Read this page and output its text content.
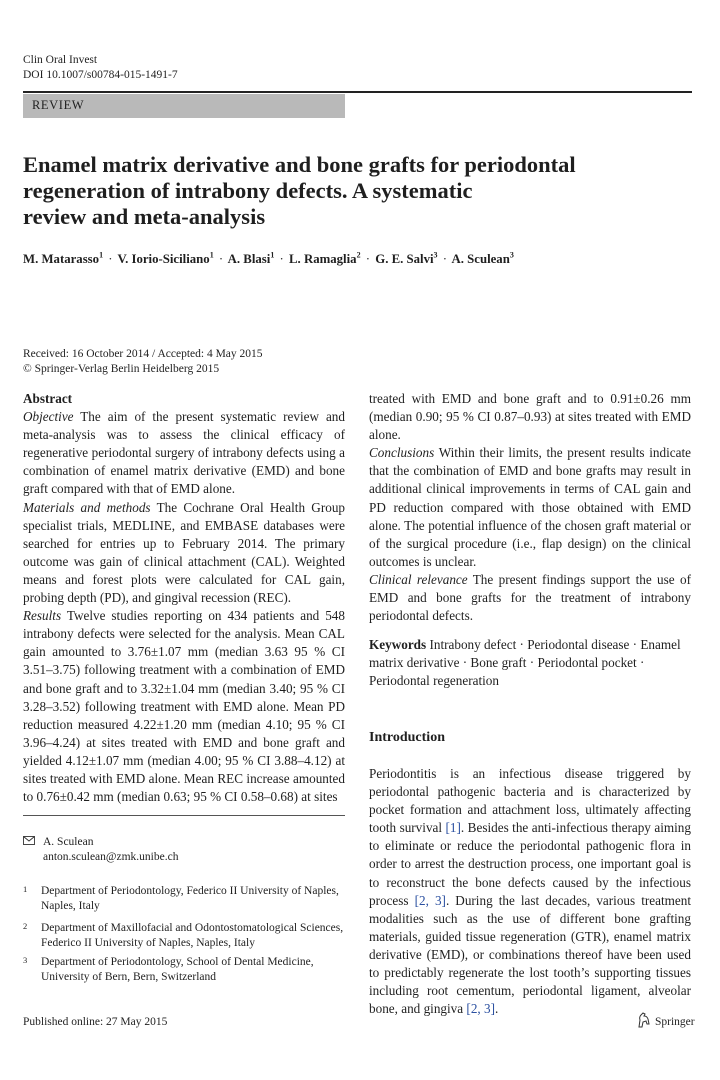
Clin Oral Invest
DOI 10.1007/s00784-015-1491-7
REVIEW
Enamel matrix derivative and bone grafts for periodontal
regeneration of intrabony defects. A systematic
review and meta-analysis
M. Matarasso$^1$ · V. Iorio-Siciliano$^1$ · A. Blasi$^1$ · L. Ramaglia$^2$ · G. E. Salvi$^3$ · A. Sculean$^3$
Received: 16 October 2014 / Accepted: 4 May 2015
© Springer-Verlag Berlin Heidelberg 2015

Abstract

Objective The aim of the present systematic review and meta-analysis was to assess the clinical efficacy of regenerative periodontal surgery of intrabony defects using a combination of enamel matrix derivative (EMD) and bone graft compared with that of EMD alone.

Materials and methods The Cochrane Oral Health Group specialist trials, MEDLINE, and EMBASE databases were searched for entries up to February 2014. The primary outcome was gain of clinical attachment (CAL). Weighted means and forest plots were calculated for CAL gain, probing depth (PD), and gingival recession (REC).

Results Twelve studies reporting on 434 patients and 548 intrabony defects were selected for the analysis. Mean CAL gain amounted to 3.76±1.07 mm (median 3.63 95 % CI 3.51–3.75) following treatment with a combination of EMD and bone graft and to 3.32±1.04 mm (median 3.40; 95 % CI 3.28–3.52) following treatment with EMD alone. Mean PD reduction measured 4.22±1.20 mm (median 4.10; 95 % CI 3.96–4.24) at sites treated with EMD and bone graft and yielded 4.12±1.07 mm (median 4.00; 95 % CI 3.88–4.12) at sites treated with EMD alone. Mean REC increase amounted to 0.76±0.42 mm (median 0.63; 95 % CI 0.58–0.68) at sites

treated with EMD and bone graft and to 0.91±0.26 mm (median 0.90; 95 % CI 0.87–0.93) at sites treated with EMD alone.

Conclusions Within their limits, the present results indicate that the combination of EMD and bone grafts may result in additional clinical improvements in terms of CAL gain and PD reduction compared with those obtained with EMD alone. The potential influence of the chosen graft material or of the surgical procedure (i.e., flap design) on the clinical outcomes is unclear.

Clinical relevance The present findings support the use of EMD and bone grafts for the treatment of intrabony periodontal defects.

Keywords Intrabony defect · Periodontal disease · Enamel matrix derivative · Bone graft · Periodontal pocket · Periodontal regeneration
Introduction

Periodontitis is an infectious disease triggered by periodontal pathogenic bacteria and is characterized by pocket formation and attachment loss, ultimately affecting tooth survival [1]. Besides the anti-infectious therapy aiming to eliminate or reduce the periodontal pathogenic flora in order to arrest the destruction process, one important goal is to reconstruct the bone defects caused by the infectious process [2, 3]. During the last decades, various treatment modalities such as the use of different bone grafting materials, guided tissue regeneration (GTR), enamel matrix derivative (EMD), or combinations thereof have been used to predictably regenerate the lost tooth’s supporting tissues including root cementum, periodontal ligament, alveolar bone, and gingiva [2, 3].

A. Sculean
anton.sculean@zmk.unibe.ch
1	Department of Periodontology, Federico II University of Naples, Naples, Italy
2	Department of Maxillofacial and Odontostomatological Sciences, Federico II University of Naples, Naples, Italy
3	Department of Periodontology, School of Dental Medicine, University of Bern, Bern, Switzerland
Published online: 27 May 2015	Springer
